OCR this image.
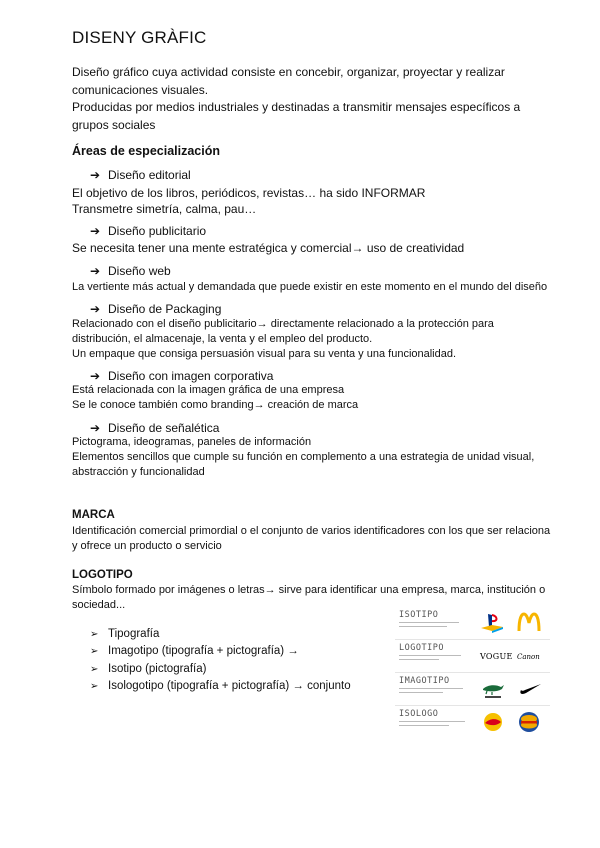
DISENY GRÀFIC

Diseño gráfico cuya actividad consiste en concebir, organizar, proyectar y realizar comunicaciones visuales.

Producidas por medios industriales y destinadas a transmitir mensajes específicos a grupos sociales

Áreas de especialización
➔ Diseño editorial
El objetivo de los libros, periódicos, revistas… ha sido INFORMAR
Transmetre simetría, calma, pau…
➔ Diseño publicitario
Se necesita tener una mente estratégica y comercial→ uso de creatividad
➔ Diseño web
La vertiente más actual y demandada que puede existir en este momento en el mundo del diseño
➔ Diseño de Packaging
Relacionado con el diseño publicitario→ directamente relacionado a la protección para
distribución, el almacenaje, la venta y el empleo del producto.
Un empaque que consiga persuasión visual para su venta y una funcionalidad.
➔ Diseño con imagen corporativa
Está relacionada con la imagen gráfica de una empresa
Se le conoce también como branding→ creación de marca
➔ Diseño de señalética
Pictograma, ideogramas, paneles de información
Elementos sencillos que cumple su función en complemento a una estrategia de unidad visual,
abstracción y funcionalidad
MARCA
Identificación comercial primordial o el conjunto de varios identificadores con los que ser relaciona
y ofrece un producto o servicio
LOGOTIPO
Símbolo formado por imágenes o letras→ sirve para identificar una empresa, marca, institución o
sociedad...
➢ Tipografía
➢ Imagotipo (tipografía + pictografía) →
➢ Isotipo (pictografía)
➢ Isologotipo (tipografía + pictografía) → conjunto
ISOTIPO
LOGOTIPO
VOGUE Canon
IMAGOTIPO
ISOLOGO
